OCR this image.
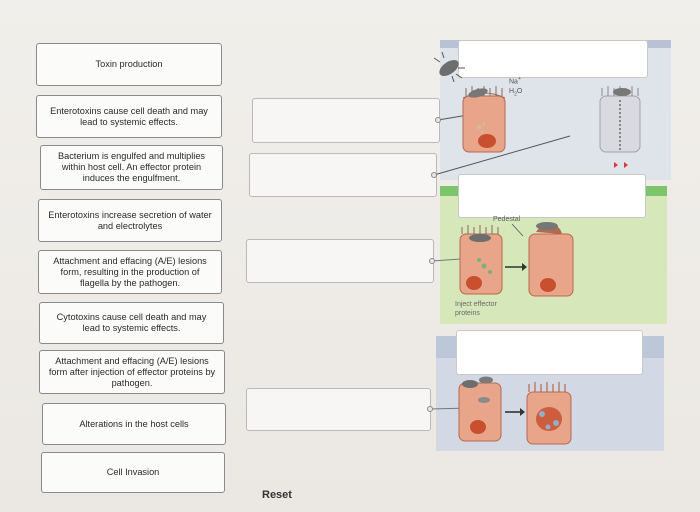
Toxin production
Enterotoxins cause cell death and may lead to systemic effects.
Bacterium is engulfed and multiplies within host cell. An effector protein induces the engulfment.
Enterotoxins increase secretion of water and electrolytes
Attachment and effacing (A/E) lesions form, resulting in the production of flagella by the pathogen.
Cytotoxins cause cell death and may lead to systemic effects.
Attachment and effacing (A/E) lesions form after injection of effector proteins by pathogen.
Alterations in the host cells
Cell Invasion
Na+
$H_2O$
Pedestal
Inject effector
proteins
Reset
